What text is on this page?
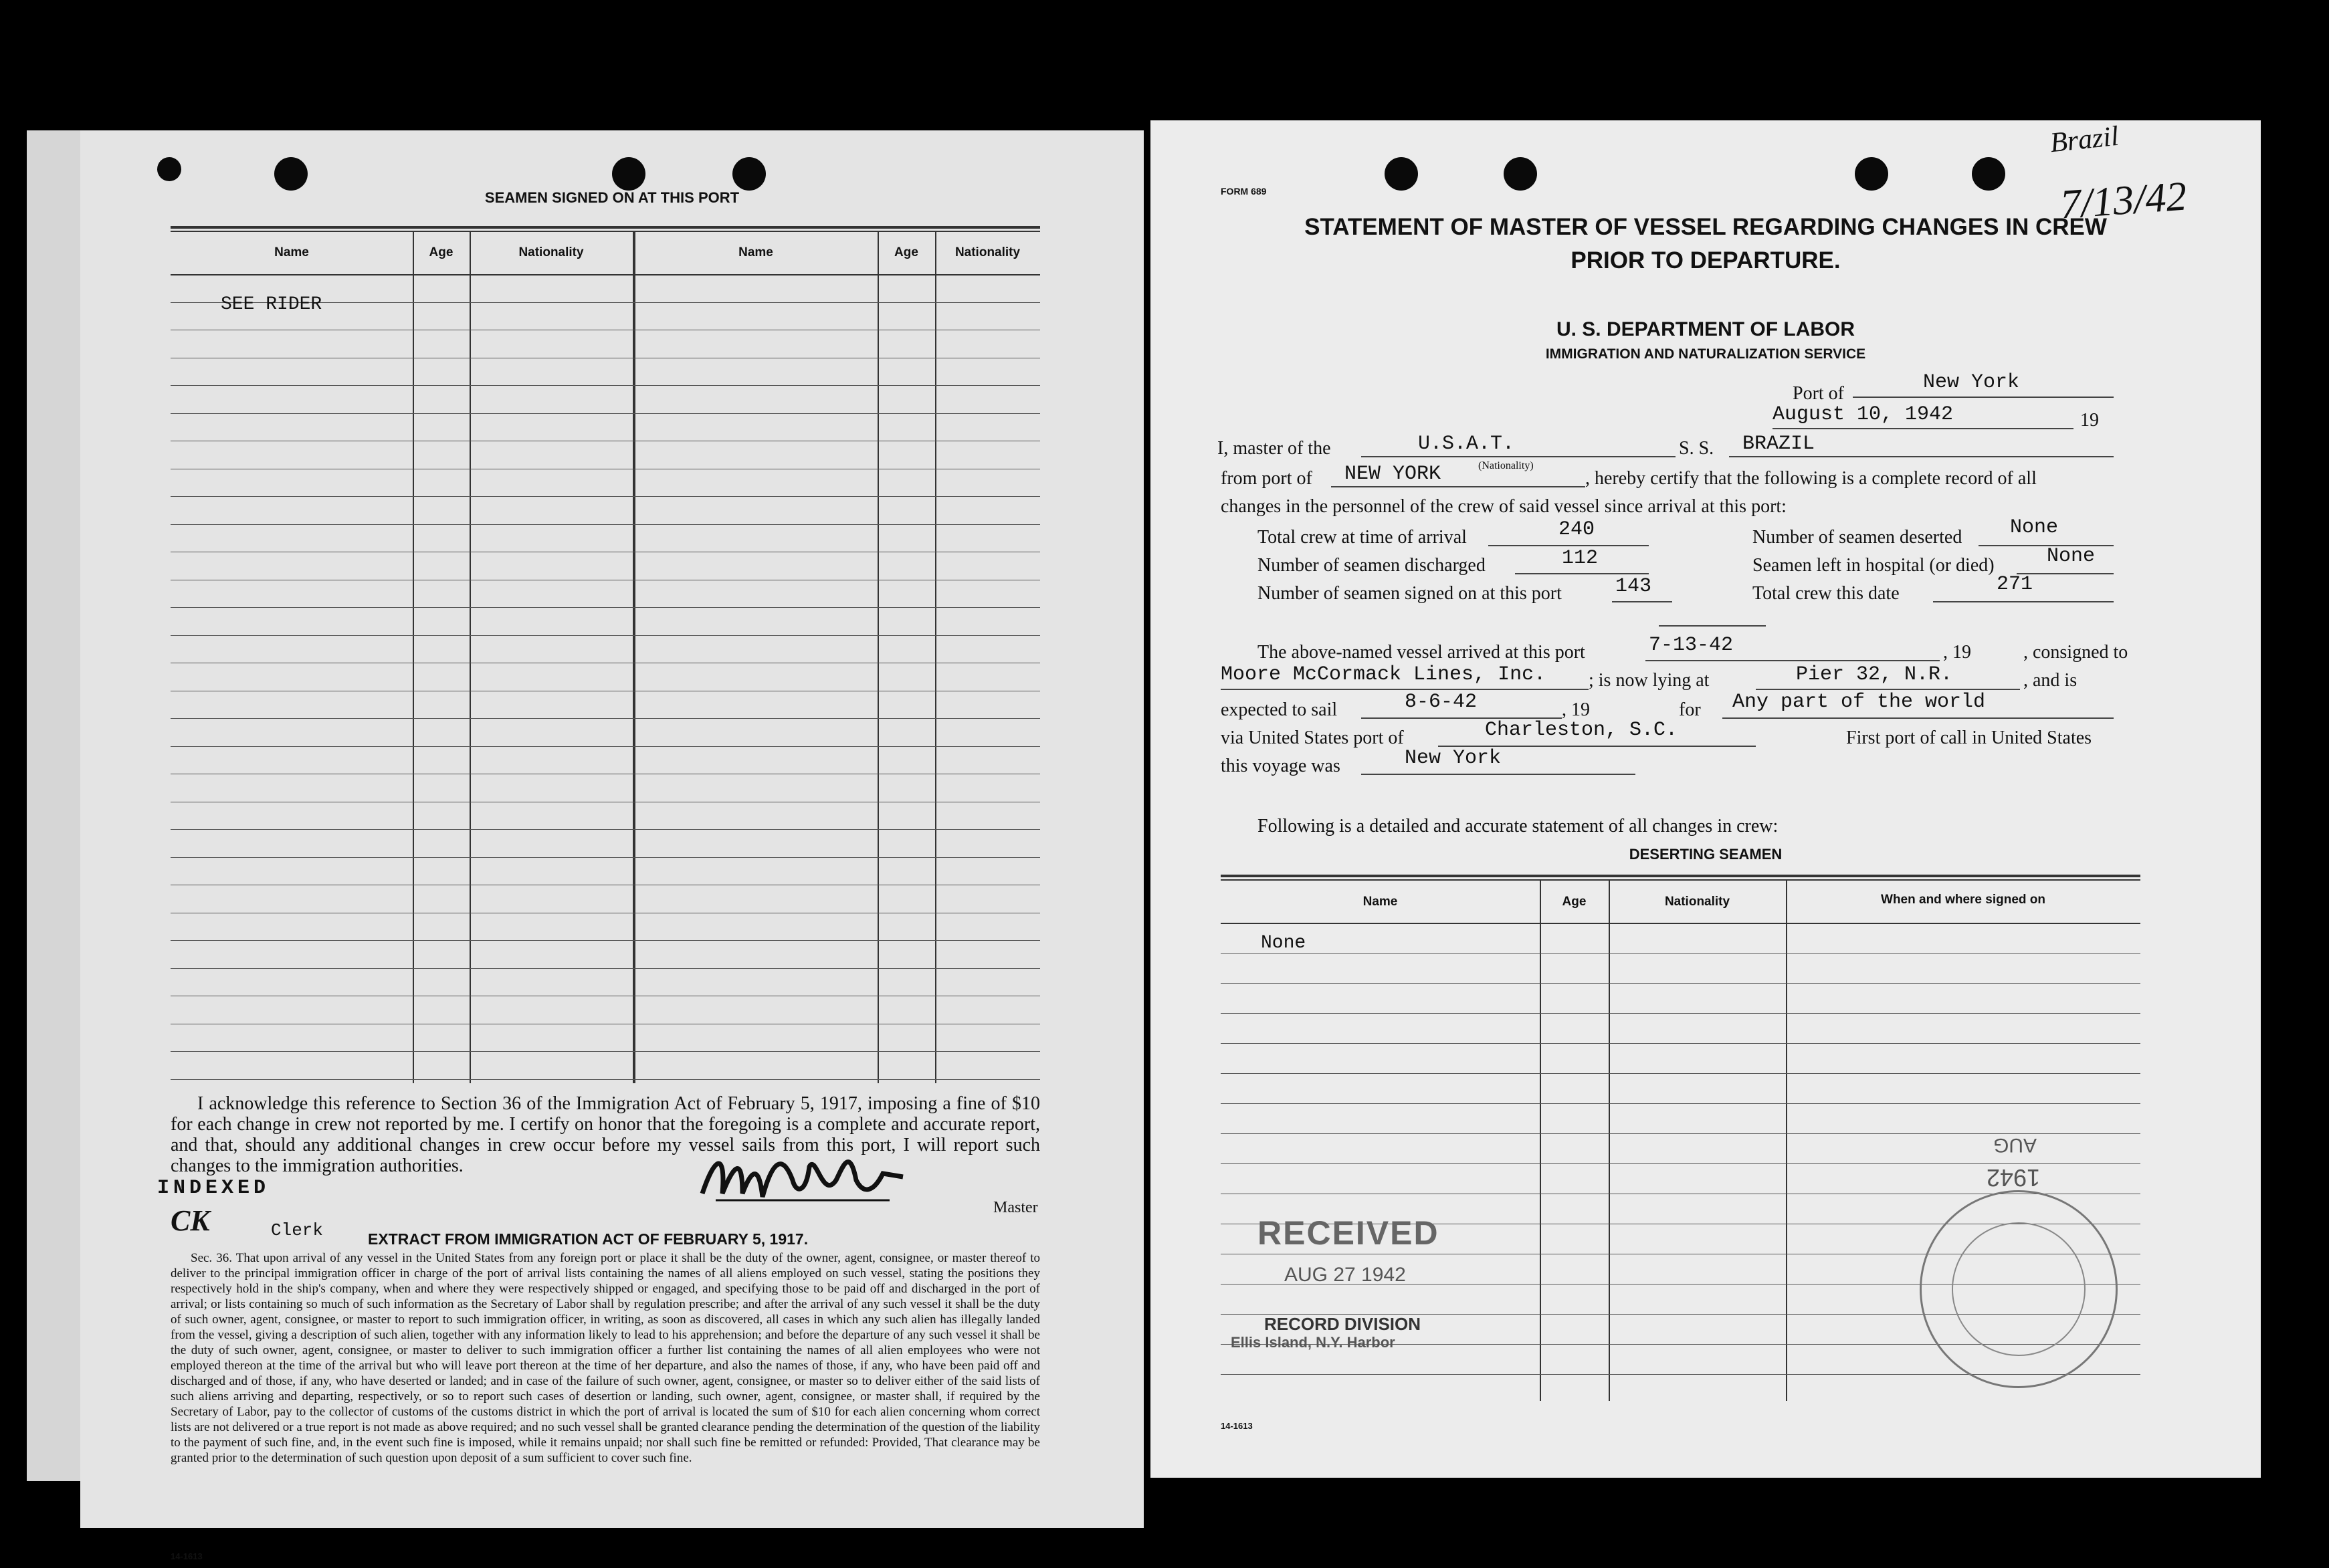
SEAMEN SIGNED ON AT THIS PORT
Name	Age	Nationality	Name	Age	Nationality
SEE RIDER
I acknowledge this reference to Section 36 of the Immigration Act of February 5, 1917, imposing a fine of $10 for each change in crew not reported by me. I certify on honor that the foregoing is a complete and accurate report, and that, should any additional changes in crew occur before my vessel sails from this port, I will report such changes to the immigration authorities.
Master
INDEXED
CK	Clerk	EXTRACT FROM IMMIGRATION ACT OF FEBRUARY 5, 1917.
Sec. 36. That upon arrival of any vessel in the United States from any foreign port or place it shall be the duty of the owner, agent, consignee, or master thereof to deliver to the principal immigration officer in charge of the port of arrival lists containing the names of all aliens employed on such vessel, stating the positions they respectively hold in the ship's company, when and where they were respectively shipped or engaged, and specifying those to be paid off and discharged in the port of arrival; or lists containing so much of such information as the Secretary of Labor shall by regulation prescribe; and after the arrival of any such vessel it shall be the duty of such owner, agent, consignee, or master to report to such immigration officer, in writing, as soon as discovered, all cases in which any such alien has illegally landed from the vessel, giving a description of such alien, together with any information likely to lead to his apprehension; and before the departure of any such vessel it shall be the duty of such owner, agent, consignee, or master to deliver to such immigration officer a further list containing the names of all alien employees who were not employed thereon at the time of the arrival but who will leave port thereon at the time of her departure, and also the names of those, if any, who have been paid off and discharged and of those, if any, who have deserted or landed; and in case of the failure of such owner, agent, consignee, or master so to deliver either of the said lists of such aliens arriving and departing, respectively, or so to report such cases of desertion or landing, such owner, agent, consignee, or master shall, if required by the Secretary of Labor, pay to the collector of customs of the customs district in which the port of arrival is located the sum of $10 for each alien concerning whom correct lists are not delivered or a true report is not made as above required; and no such vessel shall be granted clearance pending the determination of the question of the liability to the payment of such fine, and, in the event such fine is imposed, while it remains unpaid; nor shall such fine be remitted or refunded: Provided, That clearance may be granted prior to the determination of such question upon deposit of a sum sufficient to cover such fine.
14-1613
Brazil
7/13/42
FORM 689
STATEMENT OF MASTER OF VESSEL REGARDING CHANGES IN CREW
PRIOR TO DEPARTURE.
U. S. DEPARTMENT OF LABOR
IMMIGRATION AND NATURALIZATION SERVICE
Port of	New York
August 10, 1942	19
I, master of the	U.S.A.T.	S. S. BRAZIL
(Nationality)
from port of NEW YORK	, hereby certify that the following is a complete record of all
changes in the personnel of the crew of said vessel since arrival at this port:
Total crew at time of arrival	240
Number of seamen discharged	112
Number of seamen signed on at this port	143
Number of seamen deserted None
Seamen left in hospital (or died)	None
Total crew this date	271
The above-named vessel arrived at this port	7-13-42	, 19	, consigned to
Moore McCormack Lines, Inc. ; is now lying at	Pier 32, N.R.	, and is
expected to sail	8-6-42	, 19	for Any part of the world
via United States port of	Charleston, S.C.	First port of call in United States
this voyage was	New York
Following is a detailed and accurate statement of all changes in crew:
DESERTING SEAMEN
Name	Age	Nationality	When and where signed on
None
RECEIVED
AUG 27 1942
RECORD DIVISION
Ellis Island, N.Y. Harbor
1942
AUG
14-1613
